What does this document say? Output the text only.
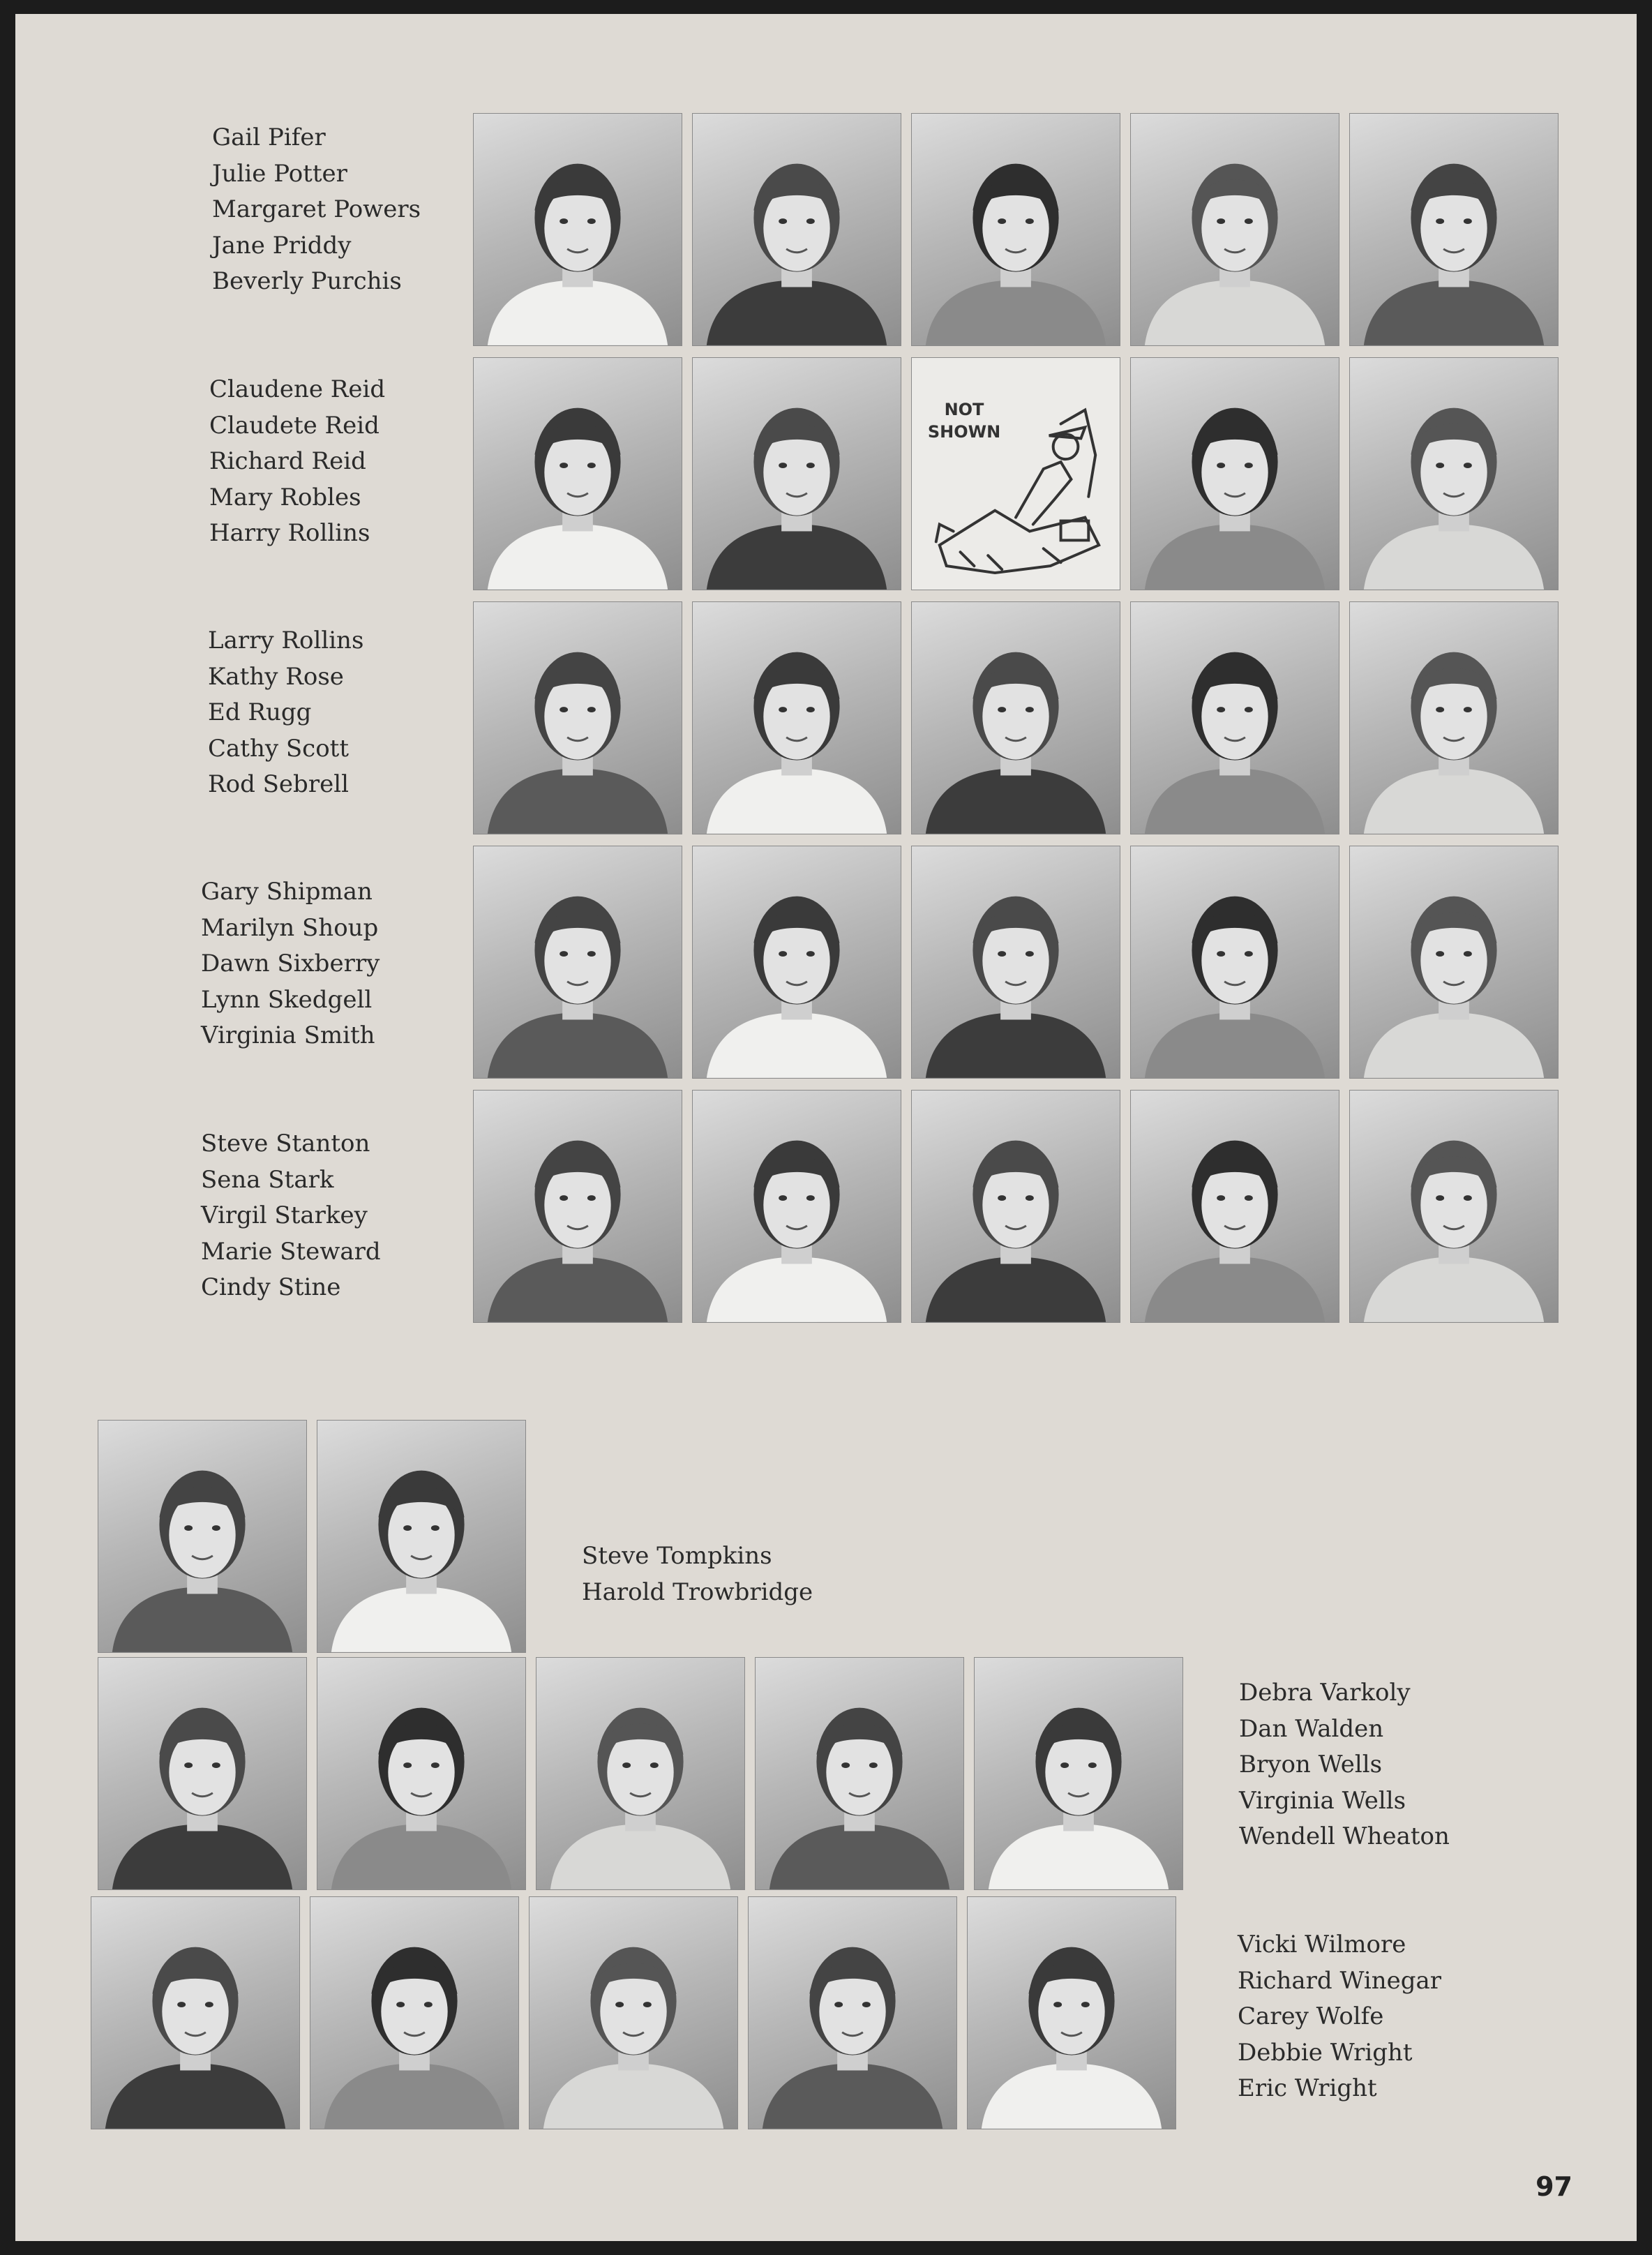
Gail Pifer
Julie Potter
Margaret Powers
Jane Priddy
Beverly Purchis
Claudene Reid
Claudete Reid
Richard Reid
Mary Robles
Harry Rollins
Larry Rollins
Kathy Rose
Ed Rugg
Cathy Scott
Rod Sebrell
Gary Shipman
Marilyn Shoup
Dawn Sixberry
Lynn Skedgell
Virginia Smith
Steve Stanton
Sena Stark
Virgil Starkey
Marie Steward
Cindy Stine
Steve Tompkins
Harold Trowbridge
Debra Varkoly
Dan Walden
Bryon Wells
Virginia Wells
Wendell Wheaton
Vicki Wilmore
Richard Winegar
Carey Wolfe
Debbie Wright
Eric Wright
NOT
SHOWN
97
